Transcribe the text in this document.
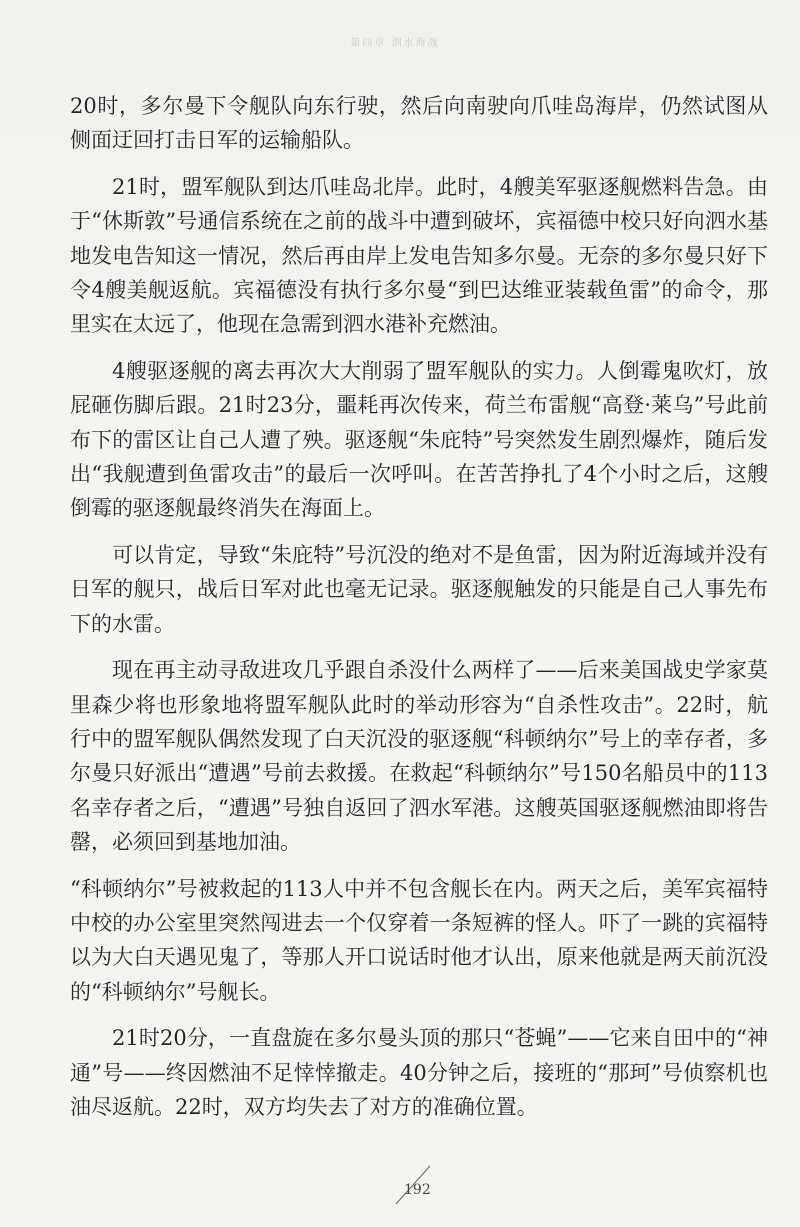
第四章 泗水海战

20时，多尔曼下令舰队向东行驶，然后向南驶向爪哇岛海岸，仍然试图从侧面迂回打击日军的运输船队。

21时，盟军舰队到达爪哇岛北岸。此时，4艘美军驱逐舰燃料告急。由于“休斯敦”号通信系统在之前的战斗中遭到破坏，宾福德中校只好向泗水基地发电告知这一情况，然后再由岸上发电告知多尔曼。无奈的多尔曼只好下令4艘美舰返航。宾福德没有执行多尔曼“到巴达维亚装载鱼雷”的命令，那里实在太远了，他现在急需到泗水港补充燃油。

4艘驱逐舰的离去再次大大削弱了盟军舰队的实力。人倒霉鬼吹灯，放屁砸伤脚后跟。21时23分，噩耗再次传来，荷兰布雷舰“高登·莱乌”号此前布下的雷区让自己人遭了殃。驱逐舰“朱庇特”号突然发生剧烈爆炸，随后发出“我舰遭到鱼雷攻击”的最后一次呼叫。在苦苦挣扎了4个小时之后，这艘倒霉的驱逐舰最终消失在海面上。

可以肯定，导致“朱庇特”号沉没的绝对不是鱼雷，因为附近海域并没有日军的舰只，战后日军对此也毫无记录。驱逐舰触发的只能是自己人事先布下的水雷。

现在再主动寻敌进攻几乎跟自杀没什么两样了——后来美国战史学家莫里森少将也形象地将盟军舰队此时的举动形容为“自杀性攻击”。22时，航行中的盟军舰队偶然发现了白天沉没的驱逐舰“科顿纳尔”号上的幸存者，多尔曼只好派出“遭遇”号前去救援。在救起“科顿纳尔”号150名船员中的113名幸存者之后，“遭遇”号独自返回了泗水军港。这艘英国驱逐舰燃油即将告罄，必须回到基地加油。

“科顿纳尔”号被救起的113人中并不包含舰长在内。两天之后，美军宾福特中校的办公室里突然闯进去一个仅穿着一条短裤的怪人。吓了一跳的宾福特以为大白天遇见鬼了，等那人开口说话时他才认出，原来他就是两天前沉没的“科顿纳尔”号舰长。

21时20分，一直盘旋在多尔曼头顶的那只“苍蝇”——它来自田中的“神通”号——终因燃油不足悻悻撤走。40分钟之后，接班的“那珂”号侦察机也油尽返航。22时，双方均失去了对方的准确位置。

192
